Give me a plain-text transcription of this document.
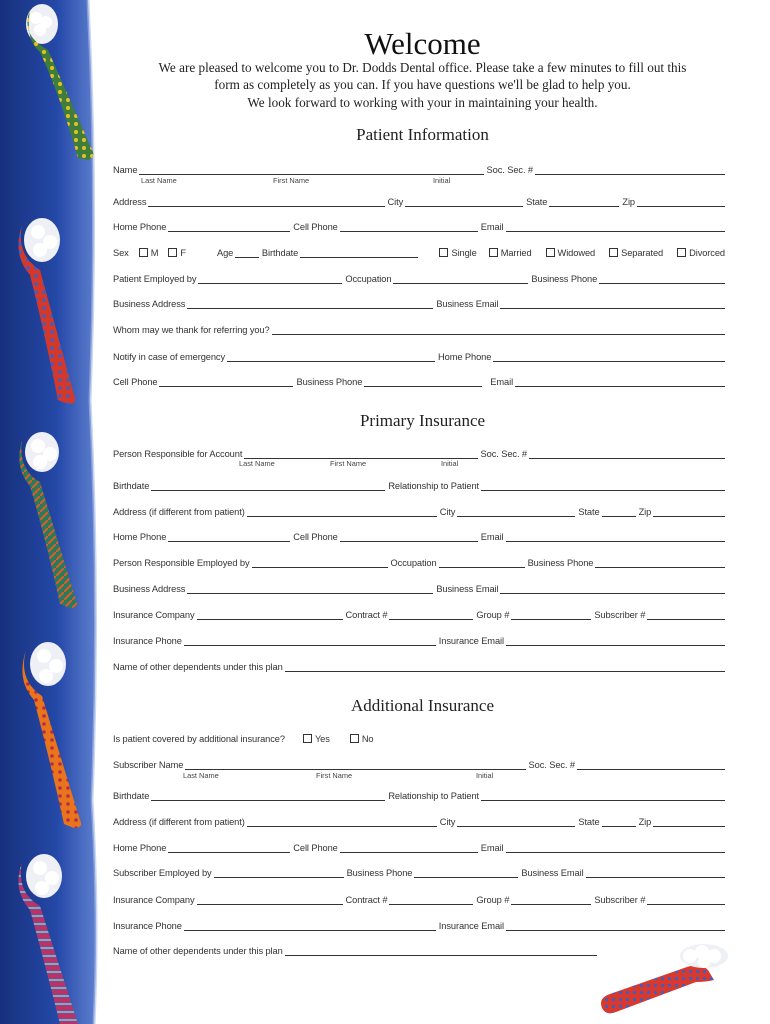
Welcome
We are pleased to welcome you to Dr. Dodds Dental office. Please take a few minutes to fill out this
form as completely as you can. If you have questions we'll be glad to help you.
We look forward to working with your in maintaining your health.
Patient Information
Name	Soc. Sec. #
Last Name	First Name	Initial
Address	City	State	Zip
Home Phone	Cell Phone	Email
Sex	M	F	Age	Birthdate	Single	Married	Widowed	Separated	Divorced
Patient Employed by	Occupation	Business Phone
Business Address	Business Email
Whom may we thank for referring you?
Notify in case of emergency	Home Phone
Cell Phone	Business Phone	Email
Primary Insurance
Person Responsible for Account	Soc. Sec. #
Last Name	First Name	Initial
Birthdate	Relationship to Patient
Address (if different from patient)	City	State	Zip
Home Phone	Cell Phone	Email
Person Responsible Employed by	Occupation	Business Phone
Business Address	Business Email
Insurance Company	Contract #	Group #	Subscriber #
Insurance Phone	Insurance Email
Name of other dependents under this plan
Additional Insurance
Is patient covered by additional insurance?	Yes	No
Subscriber Name	Soc. Sec. #
Last Name	First Name	Initial
Birthdate	Relationship to Patient
Address (if different from patient)	City	State	Zip
Home Phone	Cell Phone	Email
Subscriber Employed by	Business Phone	Business Email
Insurance Company	Contract #	Group #	Subscriber #
Insurance Phone	Insurance Email
Name of other dependents under this plan
